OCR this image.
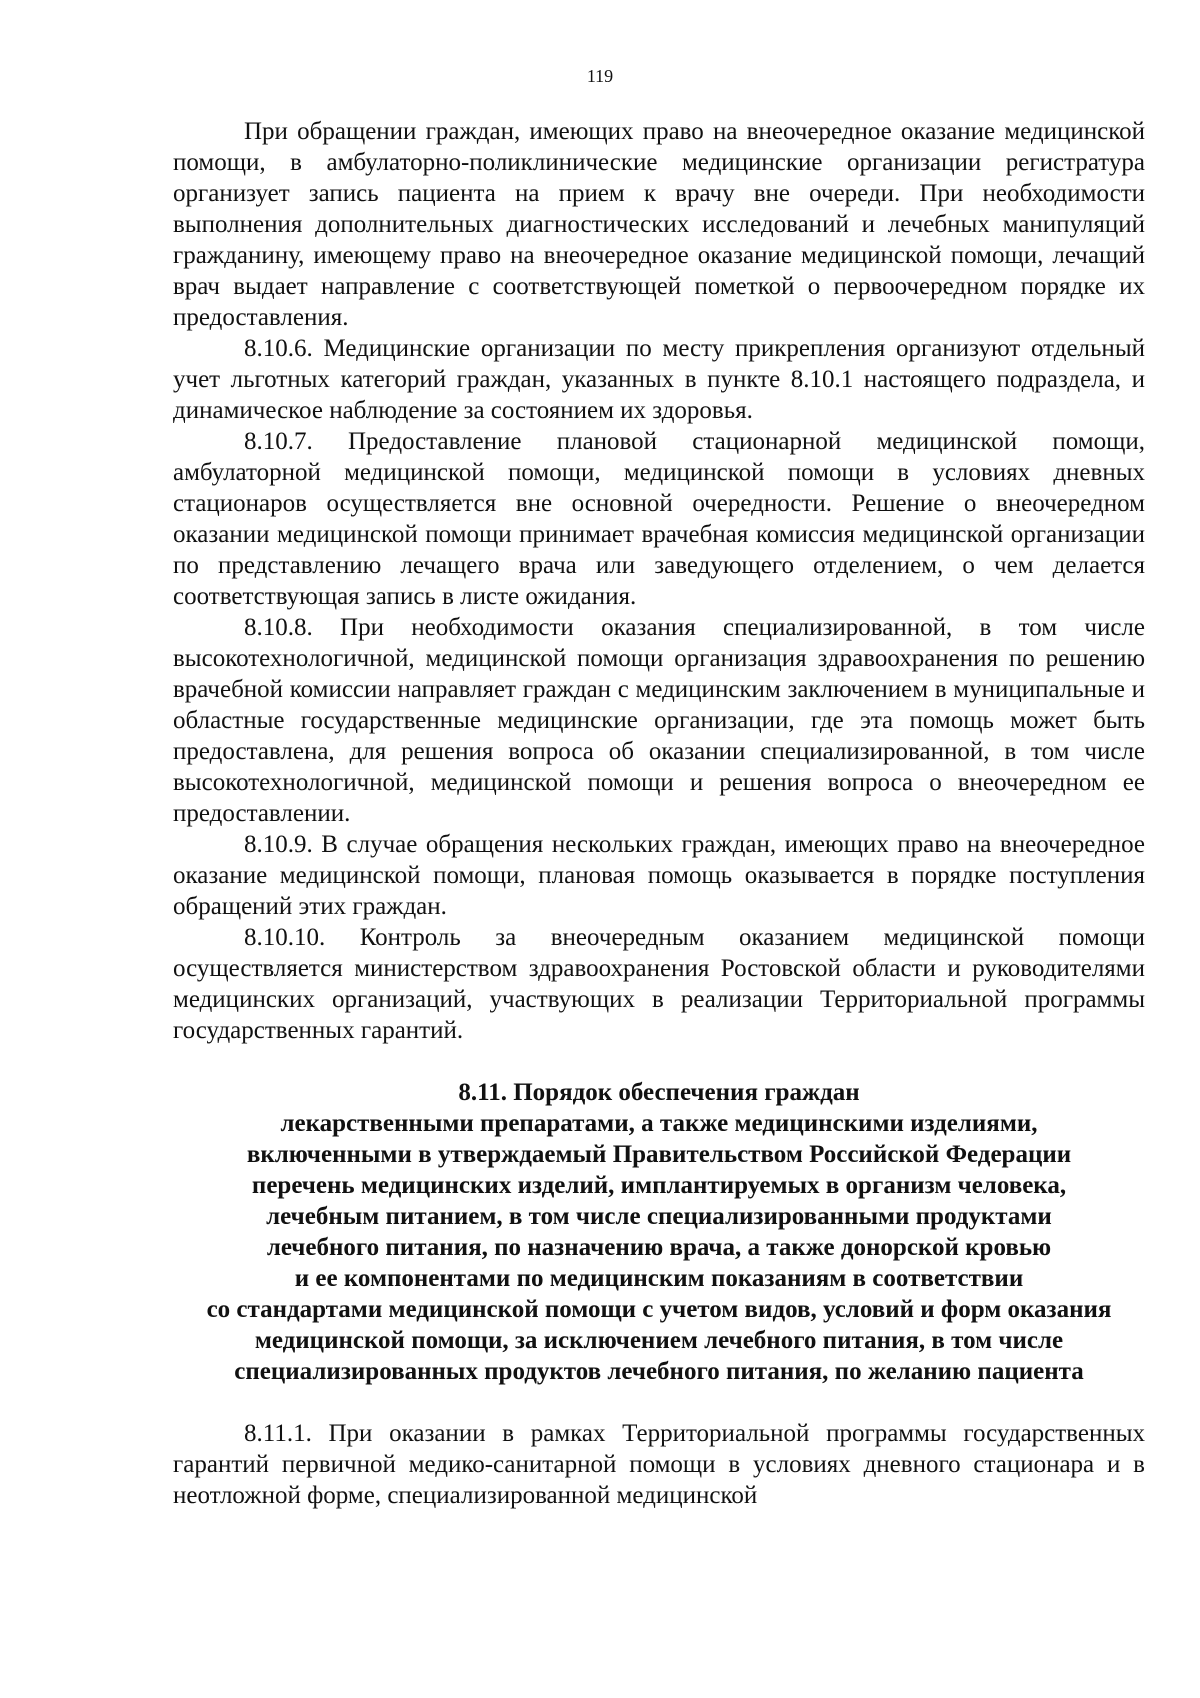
119

При обращении граждан, имеющих право на внеочередное оказание медицинской помощи, в амбулаторно-поликлинические медицинские организации регистратура организует запись пациента на прием к врачу вне очереди. При необходимости выполнения дополнительных диагностических исследований и лечебных манипуляций гражданину, имеющему право на внеочередное оказание медицинской помощи, лечащий врач выдает направление с соответствующей пометкой о первоочередном порядке их предоставления.

8.10.6. Медицинские организации по месту прикрепления организуют отдельный учет льготных категорий граждан, указанных в пункте 8.10.1 настоящего подраздела, и динамическое наблюдение за состоянием их здоровья.

8.10.7. Предоставление плановой стационарной медицинской помощи, амбулаторной медицинской помощи, медицинской помощи в условиях дневных стационаров осуществляется вне основной очередности. Решение о внеочередном оказании медицинской помощи принимает врачебная комиссия медицинской организации по представлению лечащего врача или заведующего отделением, о чем делается соответствующая запись в листе ожидания.

8.10.8. При необходимости оказания специализированной, в том числе высокотехнологичной, медицинской помощи организация здравоохранения по решению врачебной комиссии направляет граждан с медицинским заключением в муниципальные и областные государственные медицинские организации, где эта помощь может быть предоставлена, для решения вопроса об оказании специализированной, в том числе высокотехнологичной, медицинской помощи и решения вопроса о внеочередном ее предоставлении.

8.10.9. В случае обращения нескольких граждан, имеющих право на внеочередное оказание медицинской помощи, плановая помощь оказывается в порядке поступления обращений этих граждан.

8.10.10. Контроль за внеочередным оказанием медицинской помощи осуществляется министерством здравоохранения Ростовской области и руководителями медицинских организаций, участвующих в реализации Территориальной программы государственных гарантий.

8.11. Порядок обеспечения граждан
лекарственными препаратами, а также медицинскими изделиями,
включенными в утверждаемый Правительством Российской Федерации
перечень медицинских изделий, имплантируемых в организм человека,
лечебным питанием, в том числе специализированными продуктами
лечебного питания, по назначению врача, а также донорской кровью
и ее компонентами по медицинским показаниям в соответствии
со стандартами медицинской помощи с учетом видов, условий и форм оказания
медицинской помощи, за исключением лечебного питания, в том числе
специализированных продуктов лечебного питания, по желанию пациента

8.11.1. При оказании в рамках Территориальной программы государственных гарантий первичной медико-санитарной помощи в условиях дневного стационара и в неотложной форме, специализированной медицинской
